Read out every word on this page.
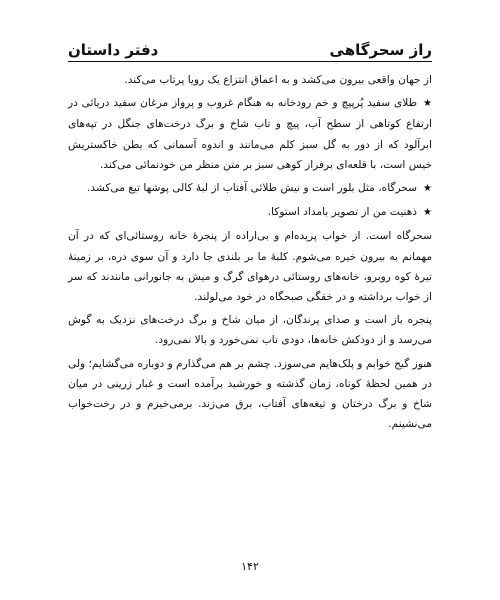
راز سحرگاهی
دفتر داستان

از جهان واقعی بیرون می‌کشد و به اعماق انتزاع یک رویا پرتاب می‌کند.

★طلای سفید پُرپیچ و خم رودخانه به هنگام غروب و پرواز مرغان سفید دریائی در ارتفاع کوتاهی از سطح آب، پیچ و تاب شاخ و برگ درخت‌های جنگل در تپه‌های ابرآلود که از دور به گل سبز کلم می‌مانند و اندوه آسمانی که بطن خاکستریش خیس است، با قلعه‌ای برفراز کوهی سبز بر متن منظر من خودنمائی می‌کند.

★سحرگاه، مثل بلور است و نیش طلائی آفتاب از لبهٔ کالی پوشها تیغ می‌کشد.

★ذهنیت من از تصویر بامداد استوکا.

سحرگاه است. از خواب پریده‌ام و بی‌اراده از پنجرهٔ خانه روستائی‌ای که در آن مهمانم به بیرون خیره می‌شوم. کلبهٔ ما بر بلندی جا دارد و آن سوی دره، بر زمینهٔ تیرهٔ کوه روبرو، خانه‌های روستائی درهوای گرگ و میش به جانورانی مانندند که سر از خواب برداشته و در خفگی صبحگاه در خود می‌لولند.

پنجره باز است و صدای پرندگان، از میان شاخ و برگ درخت‌های نزدیک به گوش می‌رسد و از دودکش خانه‌ها، دودی تاب نمی‌خورد و بالا نمی‌رود.

هنوز گیج خوابم و پلک‌هایم می‌سوزد. چشم بر هم می‌گذارم و دوباره می‌گشایم؛ ولی در همین لحظهٔ کوتاه، زمان گذشته و خورشید برآمده است و غبار زرینی در میان شاخ و برگ درختان و تیغه‌های آفتاب، برق می‌زند. برمی‌خیزم و در رخت‌خواب می‌نشینم.

۱۴۲
